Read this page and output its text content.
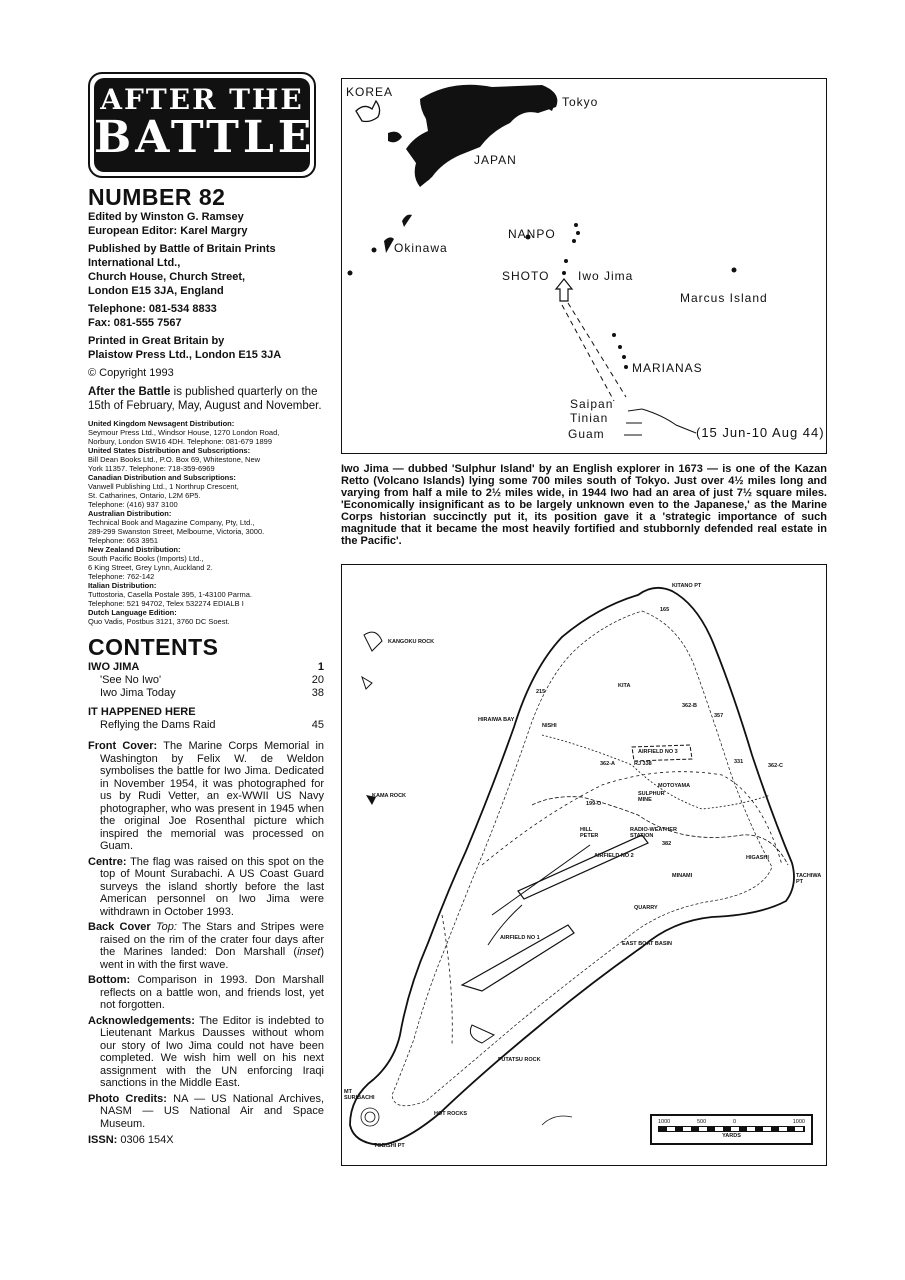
AFTER THE
BATTLE
NUMBER 82
Edited by Winston G. Ramsey
European Editor: Karel Margry
Published by Battle of Britain Prints
International Ltd.,
Church House, Church Street,
London E15 3JA, England
Telephone: 081-534 8833
Fax: 081-555 7567
Printed in Great Britain by
Plaistow Press Ltd., London E15 3JA
© Copyright 1993
After the Battle is published quarterly on the 15th of February, May, August and November.
United Kingdom Newsagent Distribution:
Seymour Press Ltd., Windsor House, 1270 London Road,
Norbury, London SW16 4DH. Telephone: 081-679 1899
United States Distribution and Subscriptions:
Bill Dean Books Ltd., P.O. Box 69, Whitestone, New
York 11357. Telephone: 718-359-6969
Canadian Distribution and Subscriptions:
Vanwell Publishing Ltd., 1 Northrup Crescent,
St. Catharines, Ontario, L2M 6P5.
Telephone: (416) 937 3100
Australian Distribution:
Technical Book and Magazine Company, Pty, Ltd.,
289-299 Swanston Street, Melbourne, Victoria, 3000.
Telephone: 663 3951
New Zealand Distribution:
South Pacific Books (Imports) Ltd.,
6 King Street, Grey Lynn, Auckland 2.
Telephone: 762-142
Italian Distribution:
Tuttostoria, Casella Postale 395, 1-43100 Parma.
Telephone: 521 94702, Telex 532274 EDIALB I
Dutch Language Edition:
Quo Vadis, Postbus 3121, 3760 DC Soest.
CONTENTS
IWO JIMA	1
'See No Iwo'	20
Iwo Jima Today	38
IT HAPPENED HERE
Reflying the Dams Raid	45
Front Cover: The Marine Corps Memorial in Washington by Felix W. de Weldon symbolises the battle for Iwo Jima. Dedicated in November 1954, it was photographed for us by Rudi Vetter, an ex-WWII US Navy photographer, who was present in 1945 when the original Joe Rosenthal picture which inspired the memorial was processed on Guam.
Centre: The flag was raised on this spot on the top of Mount Surabachi. A US Coast Guard surveys the island shortly before the last American personnel on Iwo Jima were withdrawn in October 1993.
Back Cover Top: The Stars and Stripes were raised on the rim of the crater four days after the Marines landed: Don Marshall (inset) went in with the first wave.
Bottom: Comparison in 1993. Don Marshall reflects on a battle won, and friends lost, yet not forgotten.
Acknowledgements: The Editor is indebted to Lieutenant Markus Dausses without whom our story of Iwo Jima could not have been completed. We wish him well on his next assignment with the UN enforcing Iraqi sanctions in the Middle East.
Photo Credits: NA — US National Archives, NASM — US National Air and Space Museum.
ISSN: 0306 154X
KOREA
Tokyo
JAPAN
Okinawa
NANPO
SHOTO Iwo Jima
Marcus Island
MARIANAS
Saipan
Tinian
Guam	(15 Jun-10 Aug 44)
Iwo Jima — dubbed 'Sulphur Island' by an English explorer in 1673 — is one of the Kazan Retto (Volcano Islands) lying some 700 miles south of Tokyo. Just over 4½ miles long and varying from half a mile to 2½ miles wide, in 1944 Iwo had an area of just 7½ square miles. 'Economically insignificant as to be largely unknown even to the Japanese,' as the Marine Corps historian succinctly put it, its position gave it a 'strategic importance of such magnitude that it became the most heavily fortified and stubbornly defended real estate in the Pacific'.
KITANO PT
KANGOKU ROCK
HIRAIWA BAY
NISHI
KITA
AIRFIELD NO 3
MOTOYAMA
SULPHUR MINE
KAMA ROCK
HILL PETER
RADIO-WEATHER STATION
AIRFIELD NO 2	HIGASHI
MINAMI	TACHIWA PT
QUARRY
EAST BOAT BASIN
AIRFIELD NO 1
FUTATSU ROCK
MT SURIBACHI
HOT ROCKS
TOBISHI PT
165
215
362-B
357
362-A	RJ 338	331
362-C
199-O
382
1000	500	0	1000
YARDS
